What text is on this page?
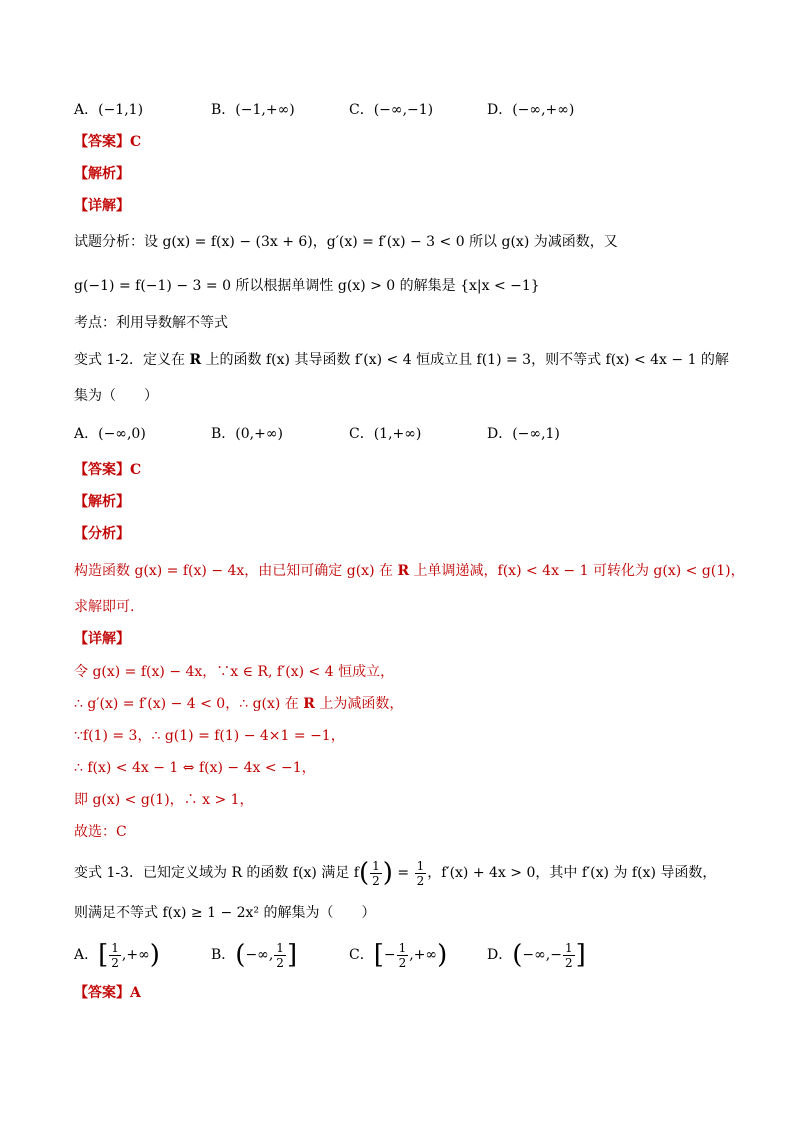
A．(−1,1)	B．(−1,+∞)	C．(−∞,−1)	D．(−∞,+∞)
【答案】C
【解析】
【详解】
试题分析：设 g(x) = f(x) − (3x + 6)，g′(x) = f′(x) − 3 < 0 所以 g(x) 为减函数，又
g(−1) = f(−1) − 3 = 0 所以根据单调性 g(x) > 0 的解集是 {x|x < −1}
考点：利用导数解不等式
变式 1-2．定义在 R 上的函数 f(x) 其导函数 f′(x) < 4 恒成立且 f(1) = 3，则不等式 f(x) < 4x − 1 的解
集为（　　）
A．(−∞,0)	B．(0,+∞)	C．(1,+∞)	D．(−∞,1)
【答案】C
【解析】
【分析】
构造函数 g(x) = f(x) − 4x，由已知可确定 g(x) 在 R 上单调递减，f(x) < 4x − 1 可转化为 g(x) < g(1)，
求解即可.
【详解】
令 g(x) = f(x) − 4x，∵x ∈ R, f′(x) < 4 恒成立，
∴ g′(x) = f′(x) − 4 < 0，∴ g(x) 在 R 上为减函数，
∵f(1) = 3，∴ g(1) = f(1) − 4×1 = −1，
∴ f(x) < 4x − 1 ⇔ f(x) − 4x < −1，
即 g(x) < g(1)，∴ x > 1，
故选：C
变式 1-3．已知定义域为 R 的函数 f(x) 满足 $f( \frac{1}{2}$ ) = $\frac{1}{2}$ ，f′(x) + 4x > 0，其中 f′(x) 为 f(x) 导函数，
则满足不等式 f(x) ≥ 1 − 2x² 的解集为（　　）
A．[ $\frac{1}{2}$ ,+∞)	B．(−∞, $\frac{1}{2}$ ]	C．[− $\frac{1}{2}$ ,+∞)	D．(−∞,− $\frac{1}{2}$ ]
【答案】A
